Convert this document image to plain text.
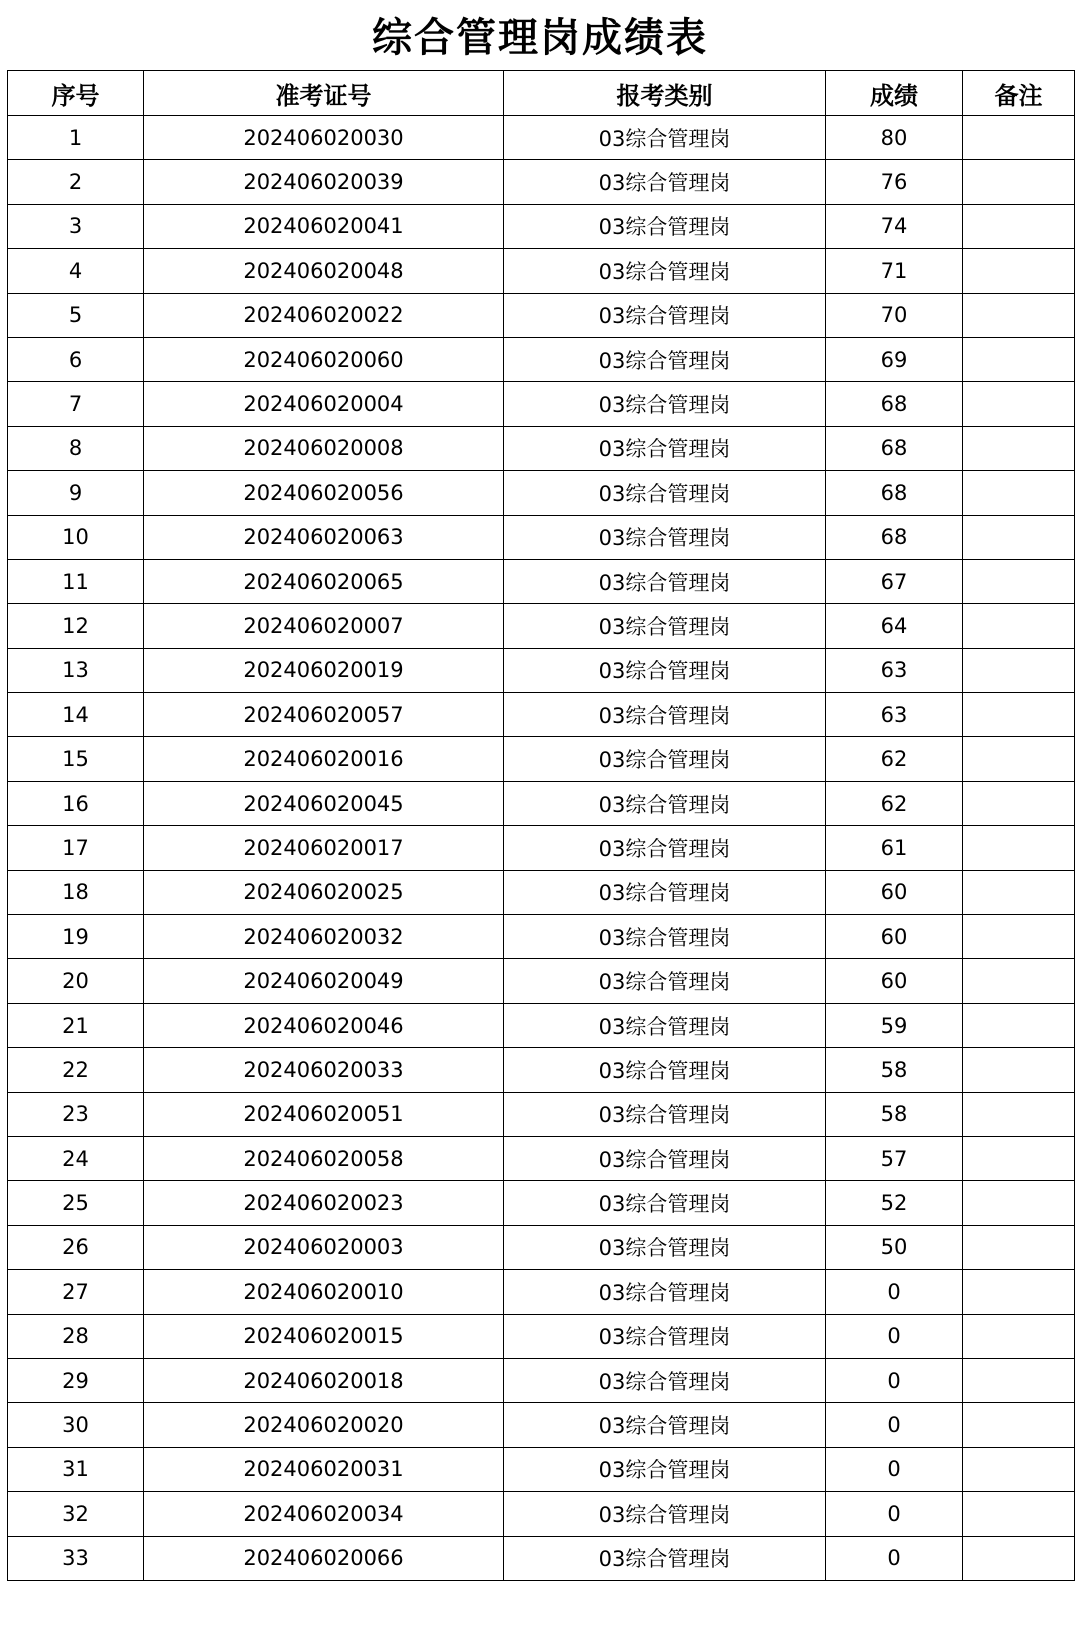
综合管理岗成绩表
序号	准考证号	报考类别	成绩	备注
1	202406020030	03综合管理岗	80	
2	202406020039	03综合管理岗	76	
3	202406020041	03综合管理岗	74	
4	202406020048	03综合管理岗	71	
5	202406020022	03综合管理岗	70	
6	202406020060	03综合管理岗	69	
7	202406020004	03综合管理岗	68	
8	202406020008	03综合管理岗	68	
9	202406020056	03综合管理岗	68	
10	202406020063	03综合管理岗	68	
11	202406020065	03综合管理岗	67	
12	202406020007	03综合管理岗	64	
13	202406020019	03综合管理岗	63	
14	202406020057	03综合管理岗	63	
15	202406020016	03综合管理岗	62	
16	202406020045	03综合管理岗	62	
17	202406020017	03综合管理岗	61	
18	202406020025	03综合管理岗	60	
19	202406020032	03综合管理岗	60	
20	202406020049	03综合管理岗	60	
21	202406020046	03综合管理岗	59	
22	202406020033	03综合管理岗	58	
23	202406020051	03综合管理岗	58	
24	202406020058	03综合管理岗	57	
25	202406020023	03综合管理岗	52	
26	202406020003	03综合管理岗	50	
27	202406020010	03综合管理岗	0	
28	202406020015	03综合管理岗	0	
29	202406020018	03综合管理岗	0	
30	202406020020	03综合管理岗	0	
31	202406020031	03综合管理岗	0	
32	202406020034	03综合管理岗	0	
33	202406020066	03综合管理岗	0	
